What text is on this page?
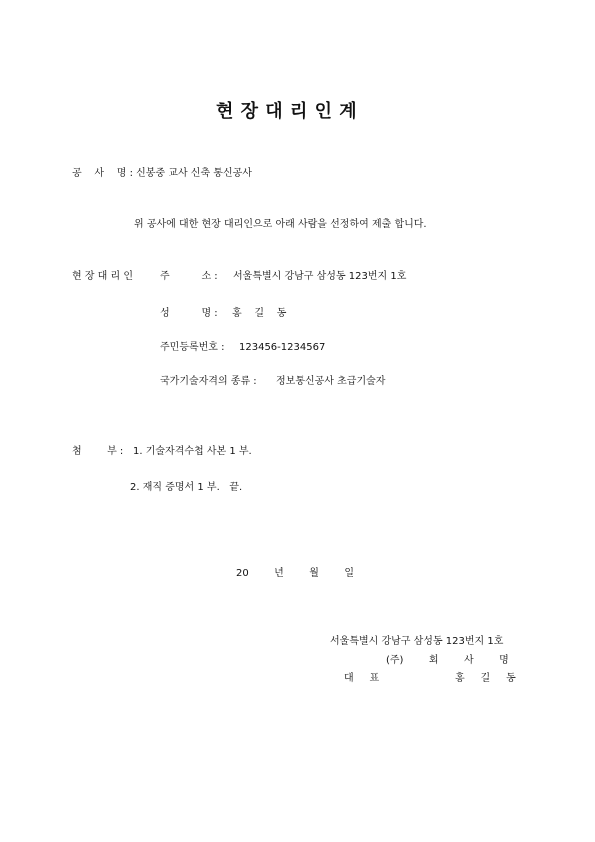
현 장 대 리 인 계
공    사    명 : 신봉중 교사 신축 통신공사
위 공사에 대한 현장 대리인으로 아래 사람을 선정하여 제출 합니다.
현 장 대 리 인	주          소 : 서울특별시 강남구 삼성동 123번지 1호
성          명 : 홍    길    동
주민등록번호 : 123456-1234567
국가기술자격의 종류 : 정보통신공사 초급기술자
첨        부 : 1. 기술자격수첩 사본 1 부.
2. 재직 증명서 1 부.   끝.
20        년        월        일
서울특별시 강남구 삼성동 123번지 1호
(주)        회        사        명
대     표	홍     길     동
